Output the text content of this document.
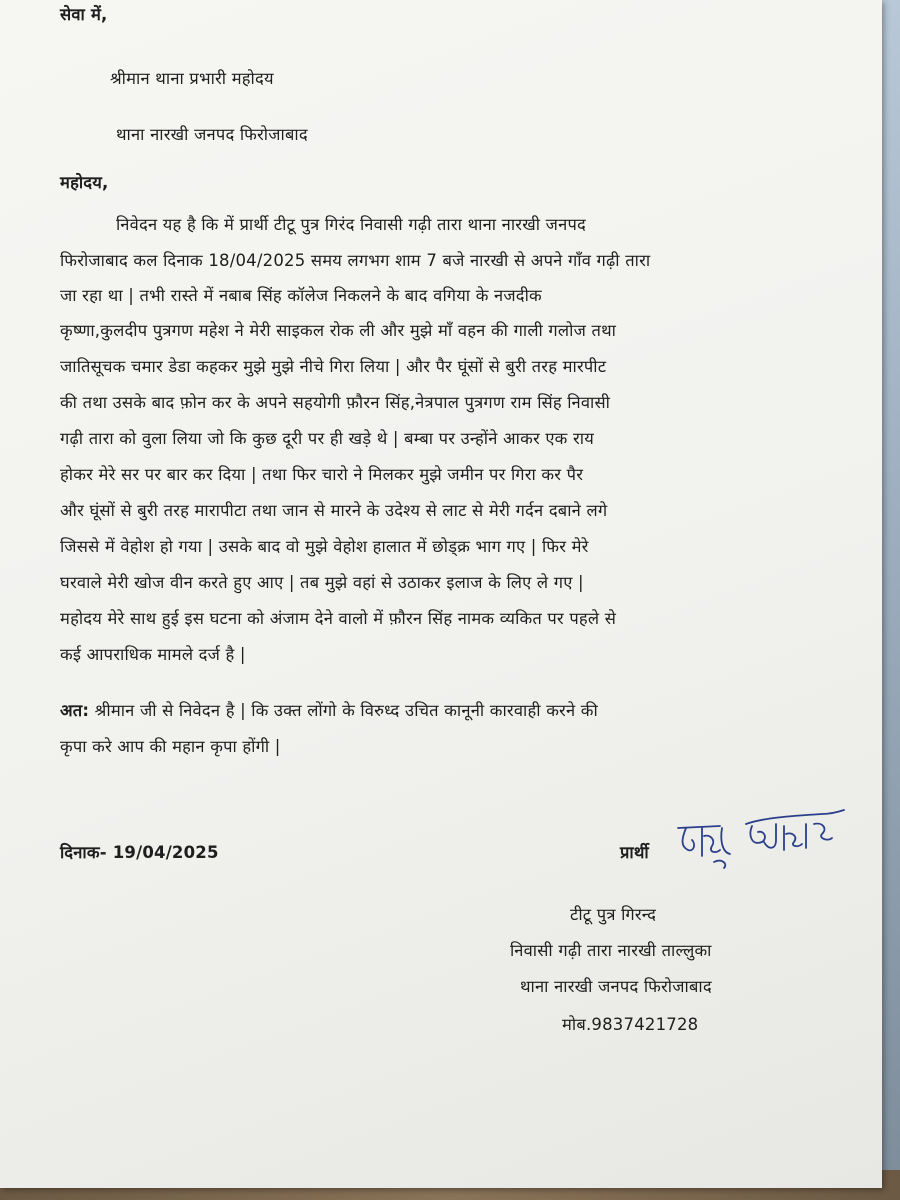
सेवा में,
श्रीमान थाना प्रभारी महोदय
थाना नारखी जनपद फिरोजाबाद
महोदय,
निवेदन यह है कि में प्रार्थी टीटू पुत्र गिरंद निवासी गढ़ी तारा थाना नारखी जनपद
फिरोजाबाद कल दिनाक 18/04/2025 समय लगभग शाम 7 बजे नारखी से अपने गाँव गढ़ी तारा
जा रहा था | तभी रास्ते में नबाब सिंह कॉलेज निकलने के बाद वगिया के नजदीक
कृष्णा,कुलदीप पुत्रगण महेश ने मेरी साइकल रोक ली और मुझे माँ वहन की गाली गलोज तथा
जातिसूचक चमार डेडा कहकर मुझे मुझे नीचे गिरा लिया | और पैर घूंसों से बुरी तरह मारपीट
की तथा उसके बाद फ़ोन कर के अपने सहयोगी फ़ौरन सिंह,नेत्रपाल पुत्रगण राम सिंह निवासी
गढ़ी तारा को वुला लिया जो कि कुछ दूरी पर ही खड़े थे | बम्बा पर उन्होंने आकर एक राय
होकर मेरे सर पर बार कर दिया | तथा फिर चारो ने मिलकर मुझे जमीन पर गिरा कर पैर
और घूंसों से बुरी तरह मारापीटा तथा जान से मारने के उदेश्य से लाट से मेरी गर्दन दबाने लगे
जिससे में वेहोश हो गया | उसके बाद वो मुझे वेहोश हालात में छोड्क्र भाग गए | फिर मेरे
घरवाले मेरी खोज वीन करते हुए आए | तब मुझे वहां से उठाकर इलाज के लिए ले गए |
महोदय मेरे साथ हुई इस घटना को अंजाम देने वालो में फ़ौरन सिंह नामक व्यकित पर पहले से
कई आपराधिक मामले दर्ज है |
अत: श्रीमान जी से निवेदन है | कि उक्त लोंगो के विरुध्द उचित कानूनी कारवाही करने की
कृपा करे आप की महान कृपा होंगी |
दिनाक- 19/04/2025	प्रार्थी
टीटू पुत्र गिरन्द
निवासी गढ़ी तारा नारखी ताल्लुका
थाना नारखी जनपद फिरोजाबाद
मोब.9837421728
